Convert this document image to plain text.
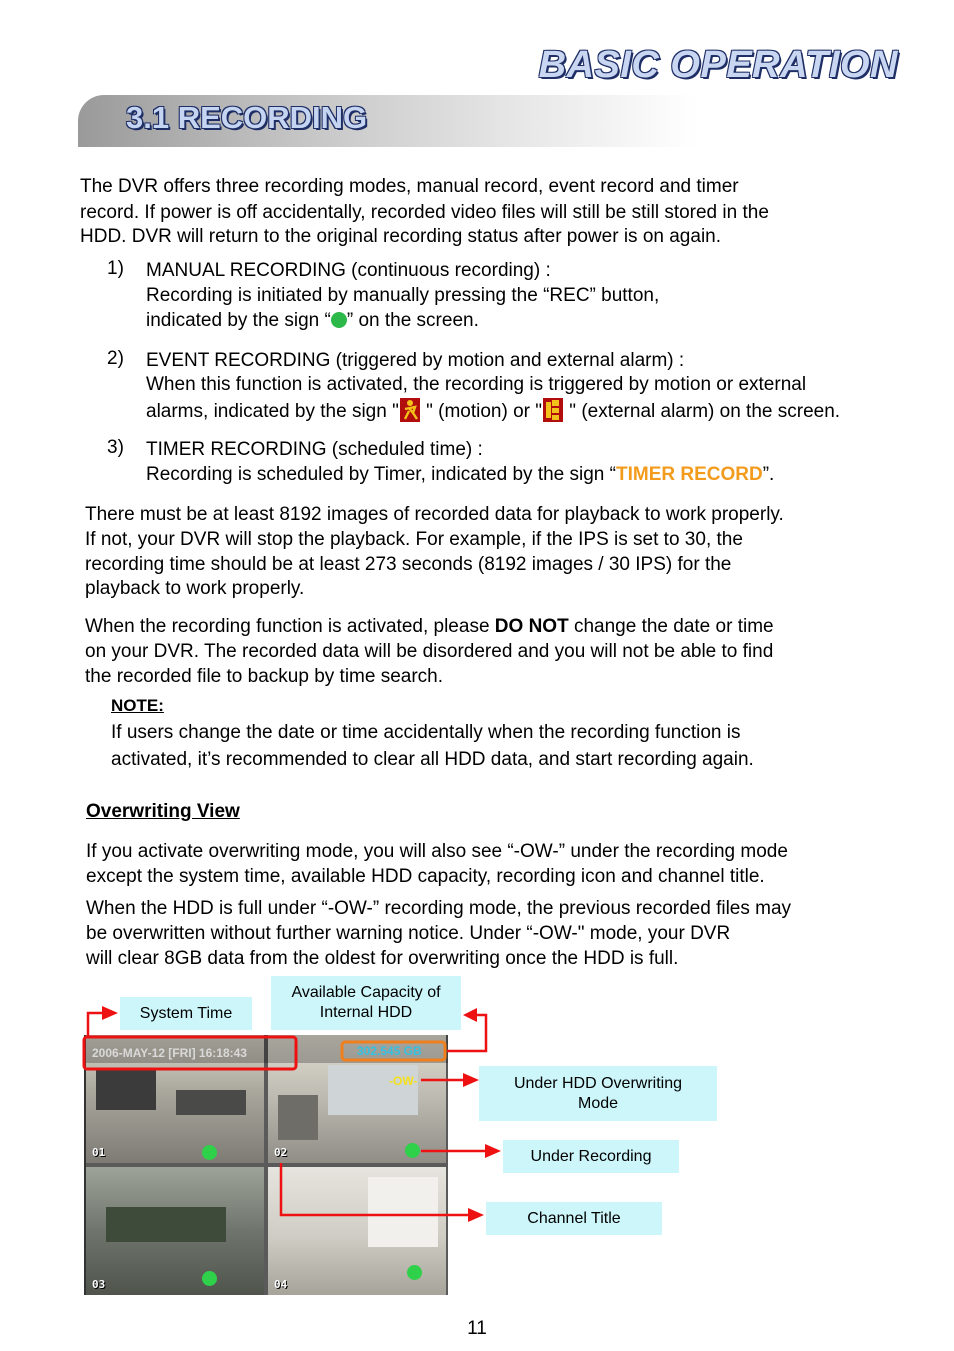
BASIC OPERATION
3.1 RECORDING
The DVR offers three recording modes, manual record, event record and timer
record. If power is off accidentally, recorded video files will still be still stored in the
HDD. DVR will return to the original recording status after power is on again.
1) MANUAL RECORDING (continuous recording) :
Recording is initiated by manually pressing the “REC” button,
indicated by the sign “ ” on the screen.
2) EVENT RECORDING (triggered by motion and external alarm) :
When this function is activated, the recording is triggered by motion or external
alarms, indicated by the sign " " (motion) or " " (external alarm) on the screen.
3) TIMER RECORDING (scheduled time) :
Recording is scheduled by Timer, indicated by the sign “TIMER RECORD”.
There must be at least 8192 images of recorded data for playback to work properly.
If not, your DVR will stop the playback. For example, if the IPS is set to 30, the
recording time should be at least 273 seconds (8192 images / 30 IPS) for the
playback to work properly.
When the recording function is activated, please DO NOT change the date or time
on your DVR. The recorded data will be disordered and you will not be able to find
the recorded file to backup by time search.
NOTE:
If users change the date or time accidentally when the recording function is
activated, it’s recommended to clear all HDD data, and start recording again.
Overwriting View
If you activate overwriting mode, you will also see “-OW-” under the recording mode
except the system time, available HDD capacity, recording icon and channel title.
When the HDD is full under “-OW-” recording mode, the previous recorded files may
be overwritten without further warning notice. Under “-OW-" mode, your DVR
will clear 8GB data from the oldest for overwriting once the HDD is full.
System Time
Available Capacity of
Internal HDD
Under HDD Overwriting
Mode
Under Recording
Channel Title
01	02
03	04
2006-MAY-12 [FRI] 16:18:43	302.545 GB
-OW-
11
